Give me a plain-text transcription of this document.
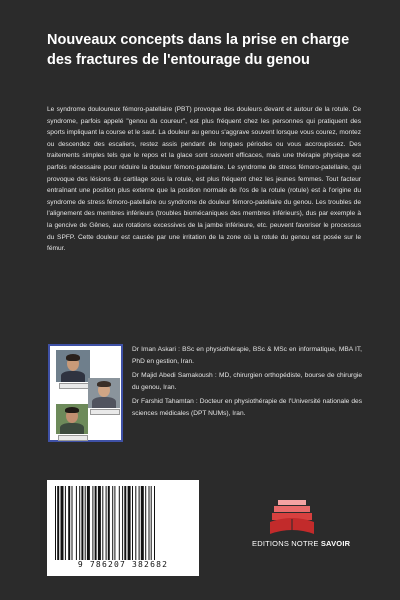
Nouveaux concepts dans la prise en charge des fractures de l'entourage du genou
Le syndrome douloureux fémoro-patellaire (PBT) provoque des douleurs devant et autour de la rotule. Ce syndrome, parfois appelé "genou du coureur", est plus fréquent chez les personnes qui pratiquent des sports impliquant la course et le saut. La douleur au genou s'aggrave souvent lorsque vous courez, montez ou descendez des escaliers, restez assis pendant de longues périodes ou vous accroupissez. Des traitements simples tels que le repos et la glace sont souvent efficaces, mais une thérapie physique est parfois nécessaire pour réduire la douleur fémoro-patellaire. Le syndrome de stress fémoro-patellaire, qui provoque des lésions du cartilage sous la rotule, est plus fréquent chez les jeunes femmes. Tout facteur entraînant une position plus externe que la position normale de l'os de la rotule (rotule) est à l'origine du syndrome de stress fémoro-patellaire ou syndrome de douleur fémoro-patellaire du genou. Les troubles de l'alignement des membres inférieurs (troubles biomécaniques des membres inférieurs), dus par exemple à la gencive de Gênes, aux rotations excessives de la jambe inférieure, etc. peuvent favoriser le processus du SPFP. Cette douleur est causée par une irritation de la zone où la rotule du genou est posée sur le fémur.

Dr Iman Askari : BSc en physiothérapie, BSc & MSc en informatique, MBA IT, PhD en gestion, Iran.

Dr Majid Abedi Samakoush : MD, chirurgien orthopédiste, bourse de chirurgie du genou, Iran.

Dr Farshid Tahamtan : Docteur en physiothérapie de l'Université nationale des sciences médicales (DPT NUMs), Iran.

9 786207 382682
EDITIONS NOTRE SAVOIR
